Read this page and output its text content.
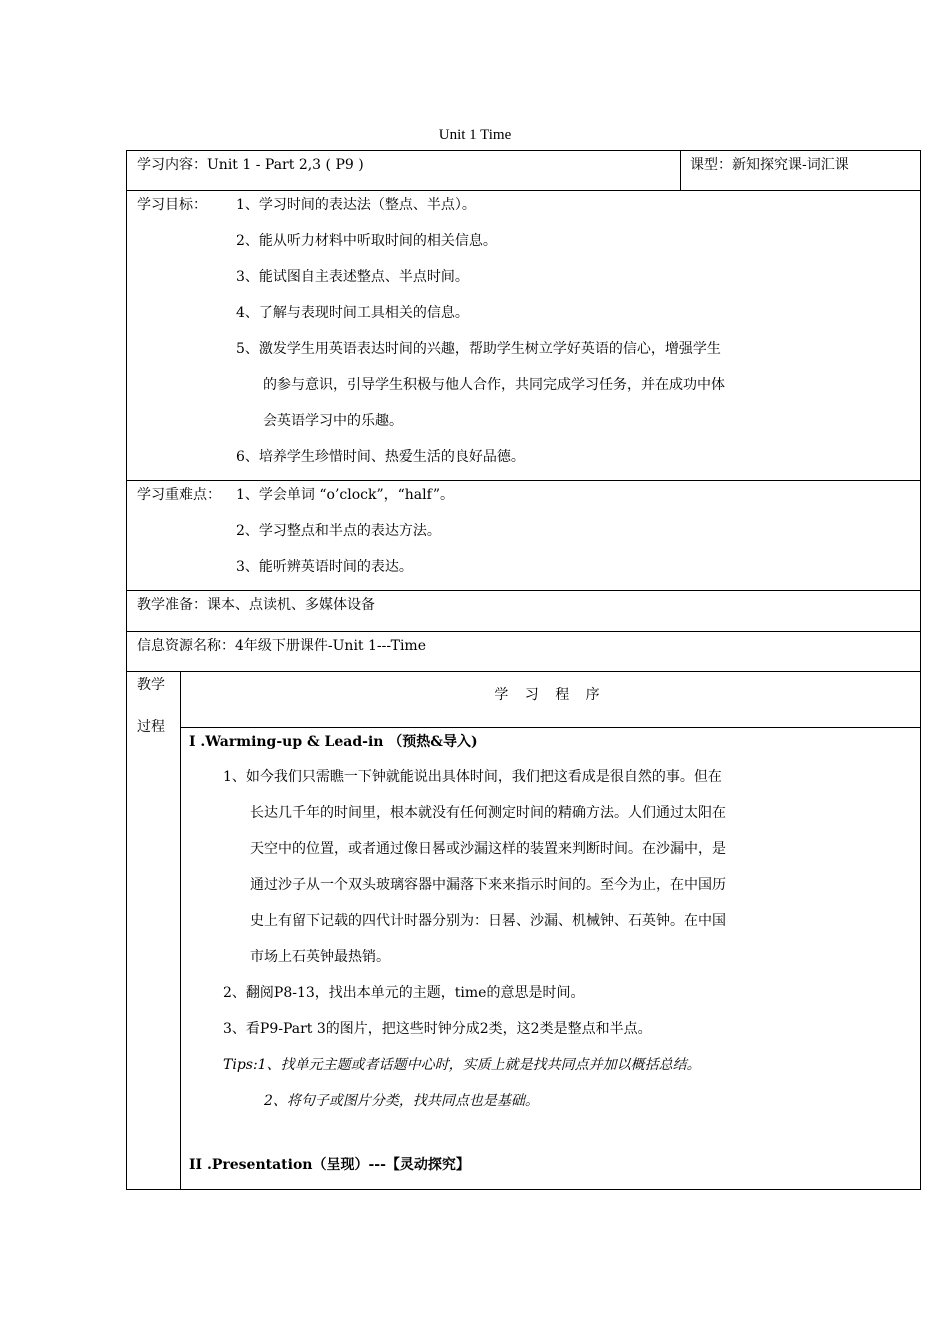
Unit 1 Time
学习内容：Unit 1 - Part 2,3 ( P9 )	课型：新知探究课-词汇课
学习目标： 1、学习时间的表达法（整点、半点）。
2、能从听力材料中听取时间的相关信息。
3、能试图自主表述整点、半点时间。
4、了解与表现时间工具相关的信息。
5、激发学生用英语表达时间的兴趣，帮助学生树立学好英语的信心，增强学生
的参与意识，引导学生积极与他人合作，共同完成学习任务，并在成功中体
会英语学习中的乐趣。
6、培养学生珍惜时间、热爱生活的良好品德。
学习重难点： 1、学会单词 “o’clock”，“half”。
2、学习整点和半点的表达方法。
3、能听辨英语时间的表达。
教学准备：课本、点读机、多媒体设备
信息资源名称：4年级下册课件-Unit 1---Time
教学
过程
学 习 程 序
I .Warming-up & Lead-in （预热&导入)
1、如今我们只需瞧一下钟就能说出具体时间，我们把这看成是很自然的事。但在
长达几千年的时间里，根本就没有任何测定时间的精确方法。人们通过太阳在
天空中的位置，或者通过像日晷或沙漏这样的装置来判断时间。在沙漏中，是
通过沙子从一个双头玻璃容器中漏落下来来指示时间的。至今为止，在中国历
史上有留下记载的四代计时器分别为：日晷、沙漏、机械钟、石英钟。在中国
市场上石英钟最热销。
2、翻阅P8-13，找出本单元的主题，time的意思是时间。
3、看P9-Part 3的图片，把这些时钟分成2类，这2类是整点和半点。
Tips:1、找单元主题或者话题中心时，实质上就是找共同点并加以概括总结。
2、将句子或图片分类，找共同点也是基础。
II .Presentation（呈现）---【灵动探究】
